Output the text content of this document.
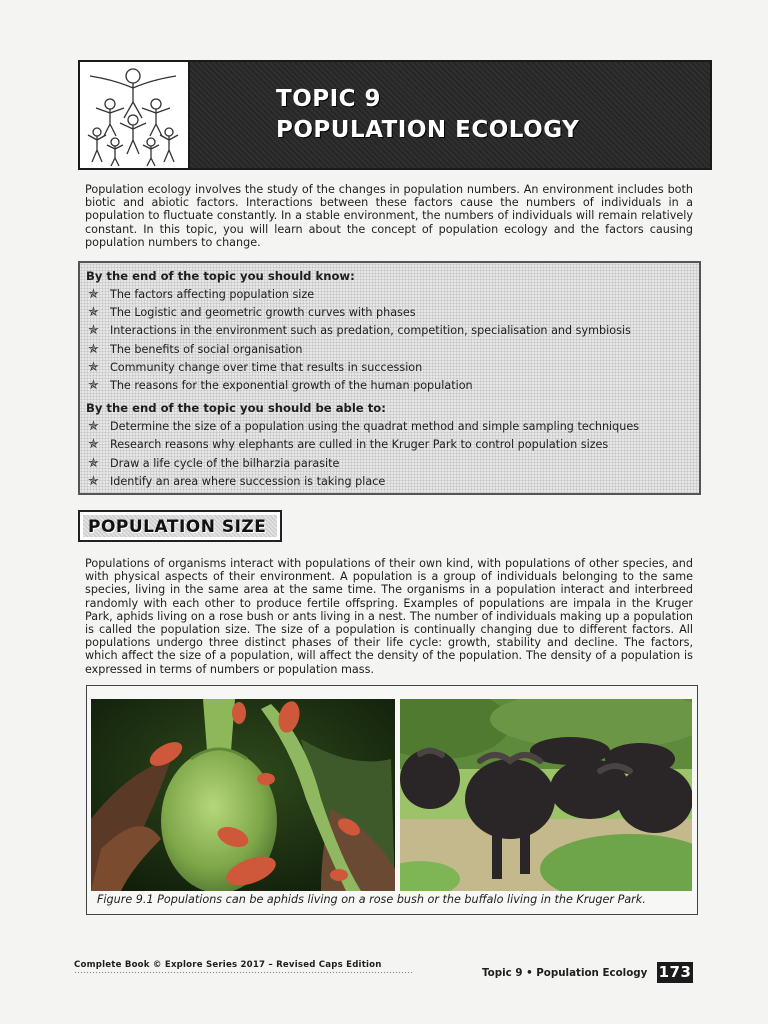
TOPIC 9
POPULATION ECOLOGY
Population ecology involves the study of the changes in population numbers. An environment includes both biotic and abiotic factors. Interactions between these factors cause the numbers of individuals in a population to fluctuate constantly. In a stable environment, the numbers of individuals will remain relatively constant. In this topic, you will learn about the concept of population ecology and the factors causing population numbers to change.
By the end of the topic you should know:
✯ The factors affecting population size
✯ The Logistic and geometric growth curves with phases
✯ Interactions in the environment such as predation, competition, specialisation and symbiosis
✯ The benefits of social organisation
✯ Community change over time that results in succession
✯ The reasons for the exponential growth of the human population
By the end of the topic you should be able to:
✯ Determine the size of a population using the quadrat method and simple sampling techniques
✯ Research reasons why elephants are culled in the Kruger Park to control population sizes
✯ Draw a life cycle of the bilharzia parasite
✯ Identify an area where succession is taking place
POPULATION SIZE
Populations of organisms interact with populations of their own kind, with populations of other species, and with physical aspects of their environment. A population is a group of individuals belonging to the same species, living in the same area at the same time. The organisms in a population interact and interbreed randomly with each other to produce fertile offspring. Examples of populations are impala in the Kruger Park, aphids living on a rose bush or ants living in a nest. The number of individuals making up a population is called the population size. The size of a population is continually changing due to different factors. All populations undergo three distinct phases of their life cycle: growth, stability and decline. The factors, which affect the size of a population, will affect the density of the population. The density of a population is expressed in terms of numbers or population mass.
Figure 9.1 Populations can be aphids living on a rose bush or the buffalo living in the Kruger Park.
Complete Book © Explore Series 2017 – Revised Caps Edition
Topic 9 • Population Ecology 173
